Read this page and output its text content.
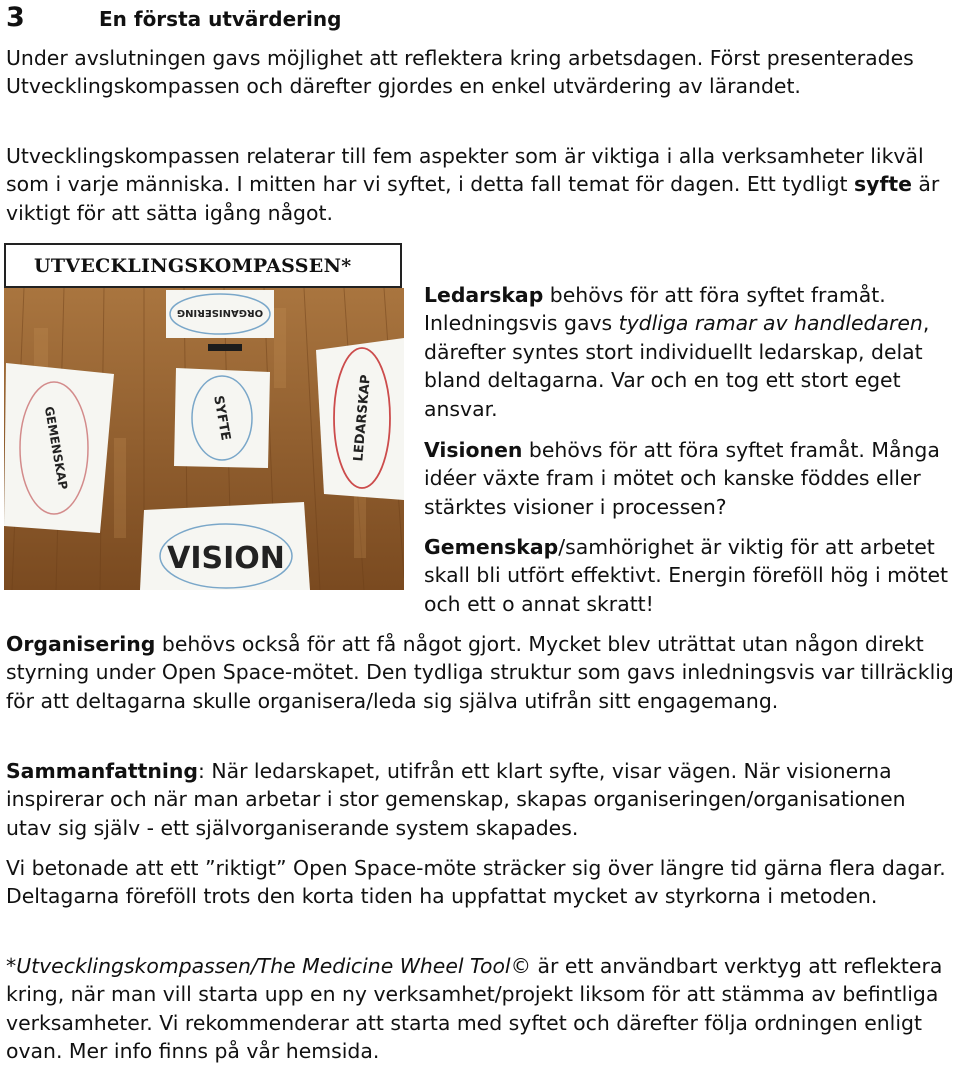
3	En första utvärdering

Under avslutningen gavs möjlighet att reflektera kring arbetsdagen. Först presenterades Utvecklingskompassen och därefter gjordes en enkel utvärdering av lärandet.

Utvecklingskompassen relaterar till fem aspekter som är viktiga i alla verksamheter likväl som i varje människa. I mitten har vi syftet, i detta fall temat för dagen. Ett tydligt syfte är viktigt för att sätta igång något.

UTVECKLINGSKOMPASSEN*
ORGANISERING
GEMENSKAP	SYFTE	LEDARSKAP
VISION

Ledarskap behövs för att föra syftet framåt. Inledningsvis gavs tydliga ramar av handledaren, därefter syntes stort individuellt ledarskap, delat bland deltagarna. Var och en tog ett stort eget ansvar.

Visionen behövs för att föra syftet framåt. Många idéer växte fram i mötet och kanske föddes eller stärktes visioner i processen?

Gemenskap/samhörighet är viktig för att arbetet skall bli utfört effektivt. Energin föreföll hög i mötet och ett o annat skratt!

Organisering behövs också för att få något gjort. Mycket blev uträttat utan någon direkt styrning under Open Space-mötet. Den tydliga struktur som gavs inledningsvis var tillräcklig för att deltagarna skulle organisera/leda sig själva utifrån sitt engagemang.

Sammanfattning: När ledarskapet, utifrån ett klart syfte, visar vägen. När visionerna inspirerar och när man arbetar i stor gemenskap, skapas organiseringen/organisationen utav sig själv - ett självorganiserande system skapades.

Vi betonade att ett ”riktigt” Open Space-möte sträcker sig över längre tid gärna flera dagar. Deltagarna föreföll trots den korta tiden ha uppfattat mycket av styrkorna i metoden.

*Utvecklingskompassen/The Medicine Wheel Tool© är ett användbart verktyg att reflektera kring, när man vill starta upp en ny verksamhet/projekt liksom för att stämma av befintliga verksamheter. Vi rekommenderar att starta med syftet och därefter följa ordningen enligt ovan. Mer info finns på vår hemsida.
